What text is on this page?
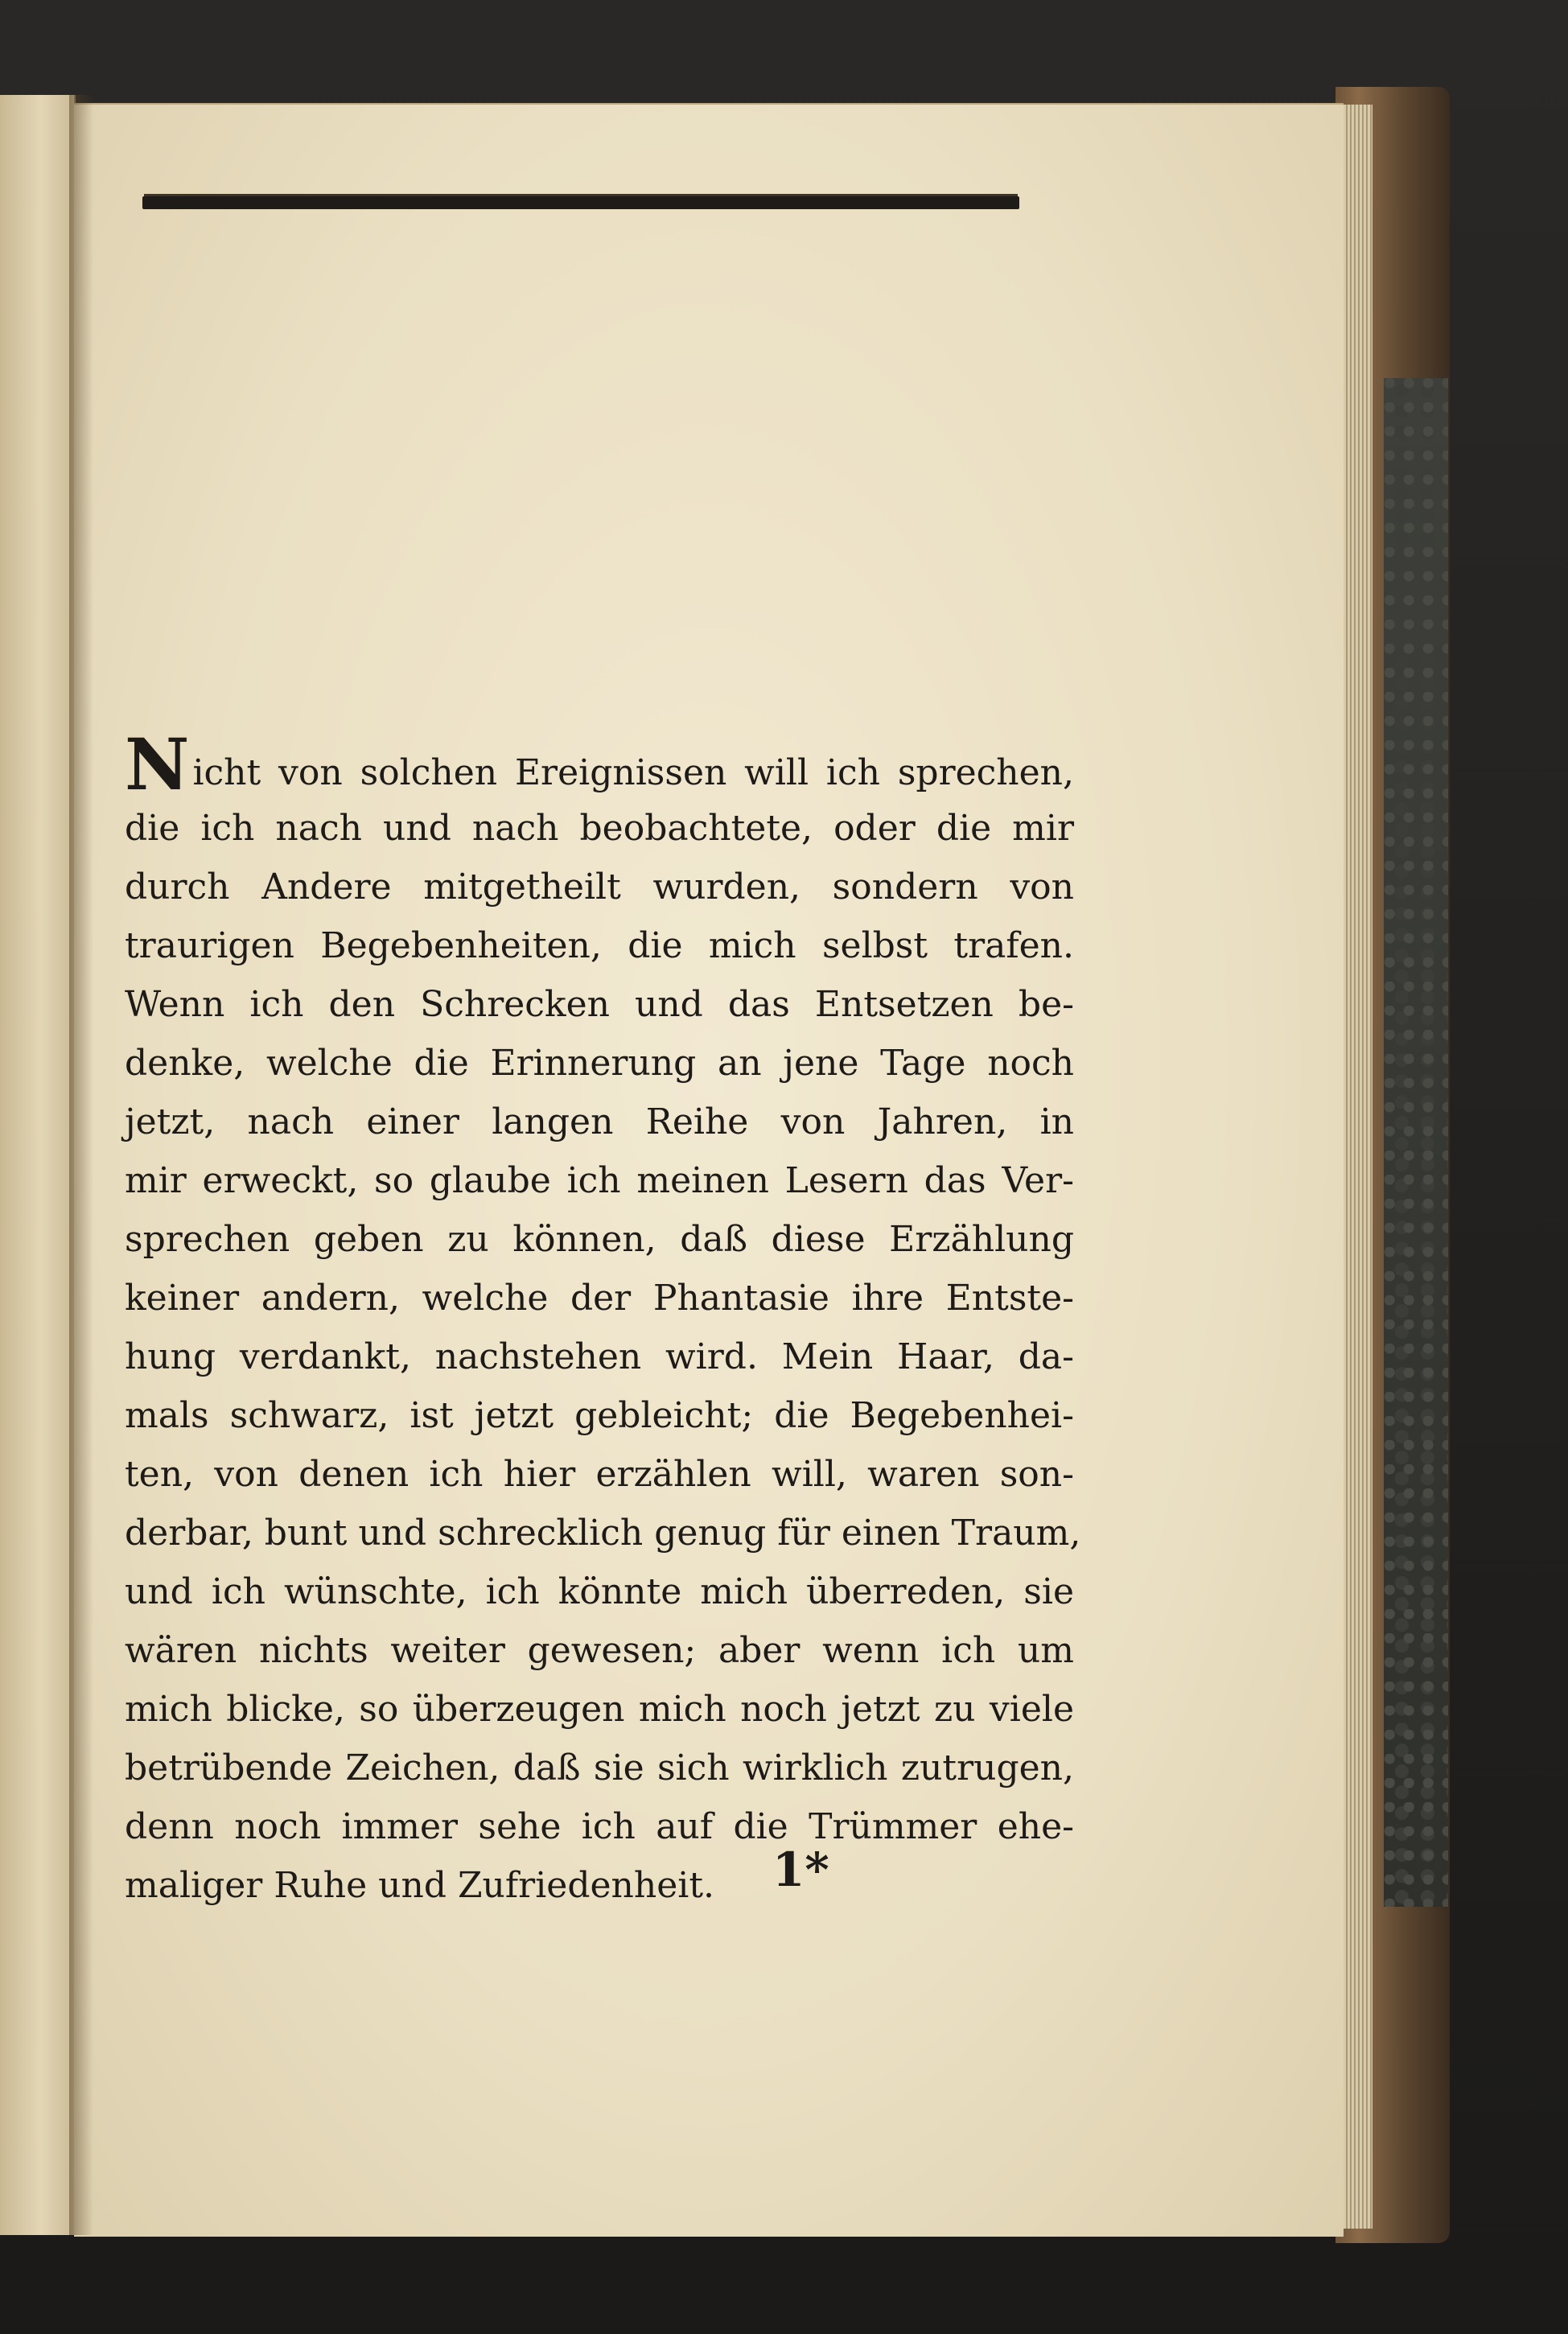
Nicht von solchen Ereignissen will ich sprechen,
die ich nach und nach beobachtete, oder die mir
durch Andere mitgetheilt wurden, sondern von
traurigen Begebenheiten, die mich selbst trafen.
Wenn ich den Schrecken und das Entsetzen be-
denke, welche die Erinnerung an jene Tage noch
jetzt, nach einer langen Reihe von Jahren, in
mir erweckt, so glaube ich meinen Lesern das Ver-
sprechen geben zu können, daß diese Erzählung
keiner andern, welche der Phantasie ihre Entste-
hung verdankt, nachstehen wird. Mein Haar, da-
mals schwarz, ist jetzt gebleicht; die Begebenhei-
ten, von denen ich hier erzählen will, waren son-
derbar, bunt und schrecklich genug für einen Traum,
und ich wünschte, ich könnte mich überreden, sie
wären nichts weiter gewesen; aber wenn ich um
mich blicke, so überzeugen mich noch jetzt zu viele
betrübende Zeichen, daß sie sich wirklich zutrugen,
denn noch immer sehe ich auf die Trümmer ehe-
maliger Ruhe und Zufriedenheit.	1*
